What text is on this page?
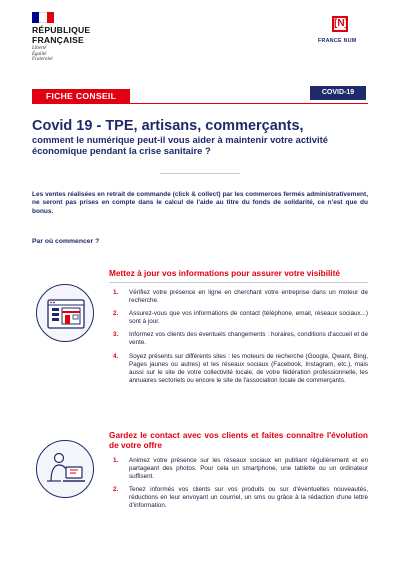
RÉPUBLIQUE
FRANÇAISE
Liberté
Égalité
Fraternité
[N]
FRANCE NUM
FICHE CONSEIL	COVID-19
Covid 19 - TPE, artisans, commerçants,
comment le numérique peut-il vous aider à maintenir votre activité économique pendant la crise sanitaire ?
Les ventes réalisées en retrait de commande (click & collect) par les commerces fermés administrativement, ne seront pas prises en compte dans le calcul de l'aide au titre du fonds de solidarité, ce n'est que du bonus.
Par où commencer ?
Mettez à jour vos informations pour assurer votre visibilité
1. Vérifiez votre présence en ligne en cherchant votre entreprise dans un moteur de recherche.
2. Assurez-vous que vos informations de contact (téléphone, email, réseaux sociaux...) sont à jour.
3. Informez vos clients des éventuels changements : horaires, conditions d'accueil et de vente.
4. Soyez présents sur différents sites : les moteurs de recherche (Google, Qwant, Bing, Pages jaunes ou autres) et les réseaux sociaux (Facebook, Instagram, etc.), mais aussi sur le site de votre collectivité locale, de votre fédération professionnelle, les annuaires sectoriels ou encore le site de l'association locale de commerçants.
Gardez le contact avec vos clients et faites connaître l'évolution de votre offre
1. Animez votre présence sur les réseaux sociaux en publiant régulièrement et en partageant des photos. Pour cela un smartphone, une tablette ou un ordinateur suffisent.
2. Tenez informés vos clients sur vos produits ou sur d'éventuelles nouveautés, réductions en leur envoyant un courriel, un sms ou grâce à la rédaction d'une lettre d'information.
